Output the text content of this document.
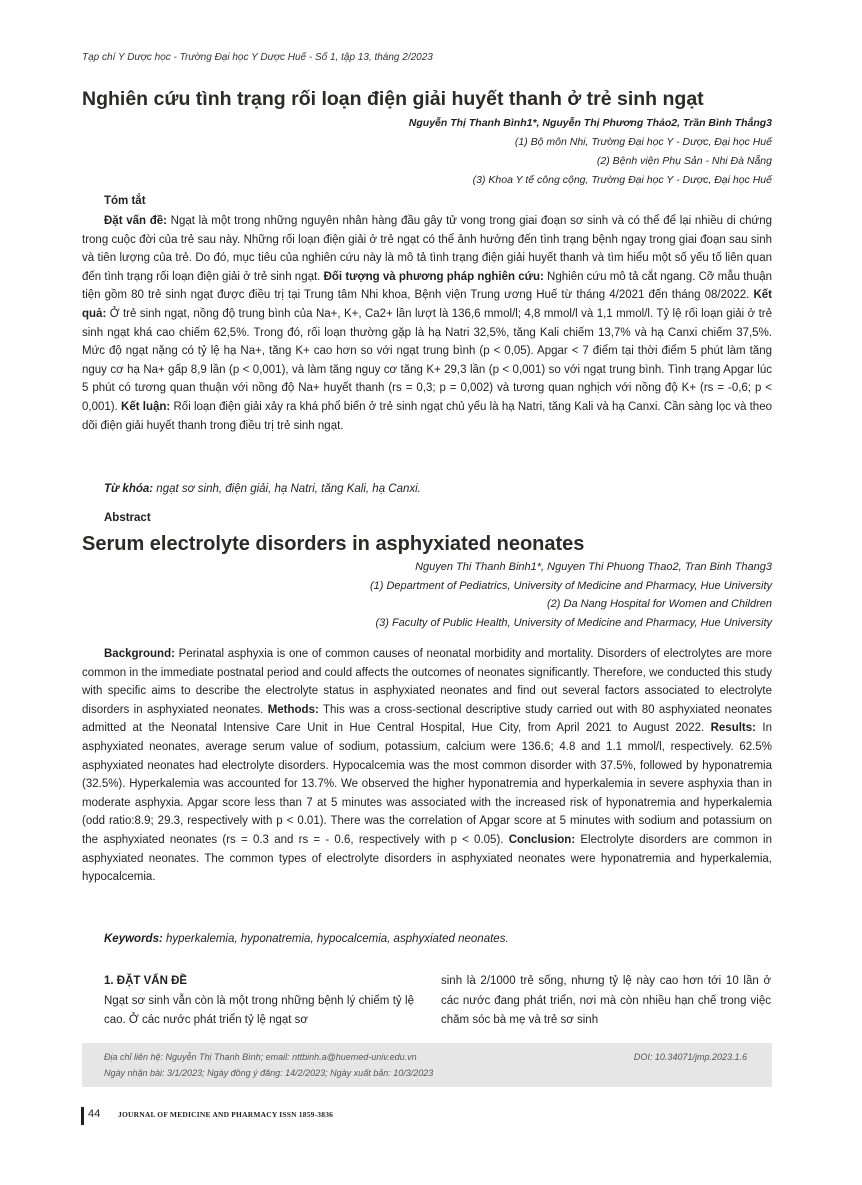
Tạp chí Y Dược học - Trường Đại học Y Dược Huế - Số 1, tập 13, tháng 2/2023
Nghiên cứu tình trạng rối loạn điện giải huyết thanh ở trẻ sinh ngạt
Nguyễn Thị Thanh Bình1*, Nguyễn Thị Phương Thảo2, Trần Bình Thắng3
(1) Bộ môn Nhi, Trường Đại học Y - Dược, Đại học Huế
(2) Bệnh viện Phụ Sản - Nhi Đà Nẵng
(3) Khoa Y tế công cộng, Trường Đại học Y - Dược, Đại học Huế
Tóm tắt
Đặt vấn đề: Ngạt là một trong những nguyên nhân hàng đầu gây tử vong trong giai đoạn sơ sinh và có thể để lại nhiều di chứng trong cuộc đời của trẻ sau này. Những rối loạn điện giải ở trẻ ngạt có thể ảnh hưởng đến tình trạng bệnh ngay trong giai đoạn sau sinh và tiên lượng của trẻ. Do đó, mục tiêu của nghiên cứu này là mô tả tình trạng điện giải huyết thanh và tìm hiểu một số yếu tố liên quan đến tình trạng rối loạn điện giải ở trẻ sinh ngạt. Đối tượng và phương pháp nghiên cứu: Nghiên cứu mô tả cắt ngang. Cỡ mẫu thuận tiện gồm 80 trẻ sinh ngạt được điều trị tại Trung tâm Nhi khoa, Bệnh viện Trung ương Huế từ tháng 4/2021 đến tháng 08/2022. Kết quả: Ở trẻ sinh ngạt, nồng độ trung bình của Na+, K+, Ca2+ lần lượt là 136,6 mmol/l; 4,8 mmol/l và 1,1 mmol/l. Tỷ lệ rối loạn giải ở trẻ sinh ngạt khá cao chiếm 62,5%. Trong đó, rối loạn thường gặp là hạ Natri 32,5%, tăng Kali chiếm 13,7% và hạ Canxi chiếm 37,5%. Mức độ ngạt nặng có tỷ lệ hạ Na+, tăng K+ cao hơn so với ngạt trung bình (p < 0,05). Apgar < 7 điểm tại thời điểm 5 phút làm tăng nguy cơ hạ Na+ gấp 8,9 lần (p < 0,001), và làm tăng nguy cơ tăng K+ 29,3 lần (p < 0,001) so với ngạt trung bình. Tình trạng Apgar lúc 5 phút có tương quan thuận với nồng độ Na+ huyết thanh (rs = 0,3; p = 0,002) và tương quan nghịch với nồng độ K+ (rs = -0,6; p < 0,001). Kết luận: Rối loạn điện giải xảy ra khá phổ biến ở trẻ sinh ngạt chủ yếu là hạ Natri, tăng Kali và hạ Canxi. Cần sàng lọc và theo dõi điện giải huyết thanh trong điều trị trẻ sinh ngạt.
Từ khóa: ngạt sơ sinh, điện giải, hạ Natri, tăng Kali, hạ Canxi.
Abstract
Serum electrolyte disorders in asphyxiated neonates
Nguyen Thi Thanh Binh1*, Nguyen Thi Phuong Thao2, Tran Binh Thang3
(1) Department of Pediatrics, University of Medicine and Pharmacy, Hue University
(2) Da Nang Hospital for Women and Children
(3) Faculty of Public Health, University of Medicine and Pharmacy, Hue University
Background: Perinatal asphyxia is one of common causes of neonatal morbidity and mortality. Disorders of electrolytes are more common in the immediate postnatal period and could affects the outcomes of neonates significantly. Therefore, we conducted this study with specific aims to describe the electrolyte status in asphyxiated neonates and find out several factors associated to electrolyte disorders in asphyxiated neonates. Methods: This was a cross-sectional descriptive study carried out with 80 asphyxiated neonates admitted at the Neonatal Intensive Care Unit in Hue Central Hospital, Hue City, from April 2021 to August 2022. Results: In asphyxiated neonates, average serum value of sodium, potassium, calcium were 136.6; 4.8 and 1.1 mmol/l, respectively. 62.5% asphyxiated neonates had electrolyte disorders. Hypocalcemia was the most common disorder with 37.5%, followed by hyponatremia (32.5%). Hyperkalemia was accounted for 13.7%. We observed the higher hyponatremia and hyperkalemia in severe asphyxia than in moderate asphyxia. Apgar score less than 7 at 5 minutes was associated with the increased risk of hyponatremia and hyperkalemia (odd ratio:8.9; 29.3, respectively with p < 0.01). There was the correlation of Apgar score at 5 minutes with sodium and potassium on the asphyxiated neonates (rs = 0.3 and rs = - 0.6, respectively with p < 0.05). Conclusion: Electrolyte disorders are common in asphyxiated neonates. The common types of electrolyte disorders in asphyxiated neonates were hyponatremia and hyperkalemia, hypocalcemia.
Keywords: hyperkalemia, hyponatremia, hypocalcemia, asphyxiated neonates.
1. ĐẶT VẤN ĐỀ
Ngạt sơ sinh vẫn còn là một trong những bệnh lý chiếm tỷ lệ cao. Ở các nước phát triển tỷ lệ ngạt sơ
sinh là 2/1000 trẻ sống, nhưng tỷ lệ này cao hơn tới 10 lần ở các nước đang phát triển, nơi mà còn nhiều hạn chế trong việc chăm sóc bà mẹ và trẻ sơ sinh
Địa chỉ liên hệ: Nguyễn Thị Thanh Bình; email: nttbinh.a@huemed-univ.edu.vn
Ngày nhận bài: 3/1/2023; Ngày đồng ý đăng: 14/2/2023; Ngày xuất bản: 10/3/2023
DOI: 10.34071/jmp.2023.1.6
44 JOURNAL OF MEDICINE AND PHARMACY ISSN 1859-3836
